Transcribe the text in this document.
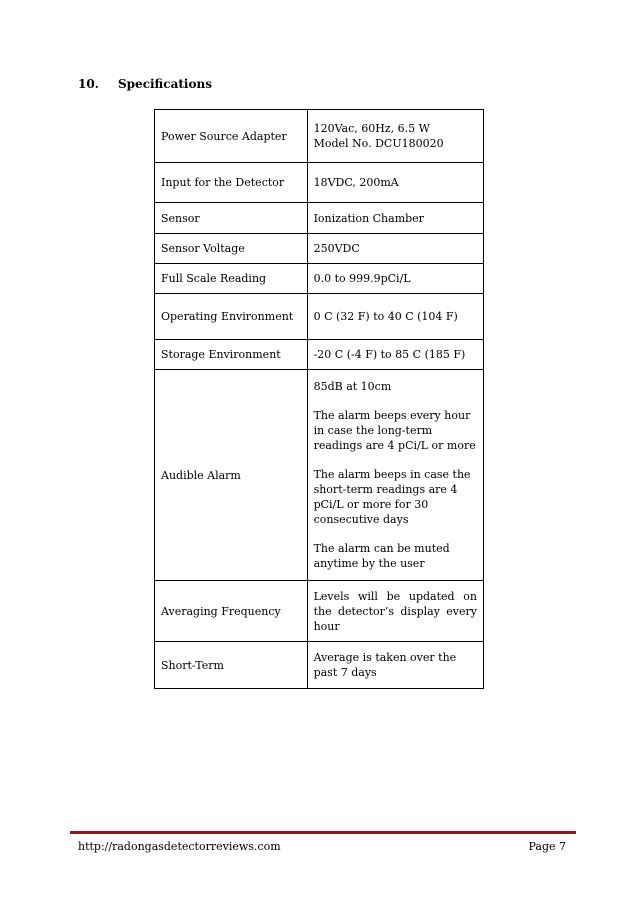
10.	Specifications
Power Source Adapter	120Vac, 60Hz, 6.5 W
Model No. DCU180020

Input for the Detector	18VDC, 200mA
Sensor	Ionization Chamber
Sensor Voltage	250VDC
Full Scale Reading	0.0 to 999.9pCi/L
Operating Environment	0 C (32 F) to 40 C (104 F)
Storage Environment	-20 C (-4 F) to 85 C (185 F)
Audible Alarm	85dB at 10cm
The alarm beeps every hour in case the long-term readings are 4 pCi/L or more
The alarm beeps in case the short-term readings are 4 pCi/L or more for 30 consecutive days
The alarm can be muted anytime by the user

Averaging Frequency	Levels will be updated on the detector’s display every hour
Short-Term	Average is taken over the past 7 days
http://radongasdetectorreviews.com	Page 7
